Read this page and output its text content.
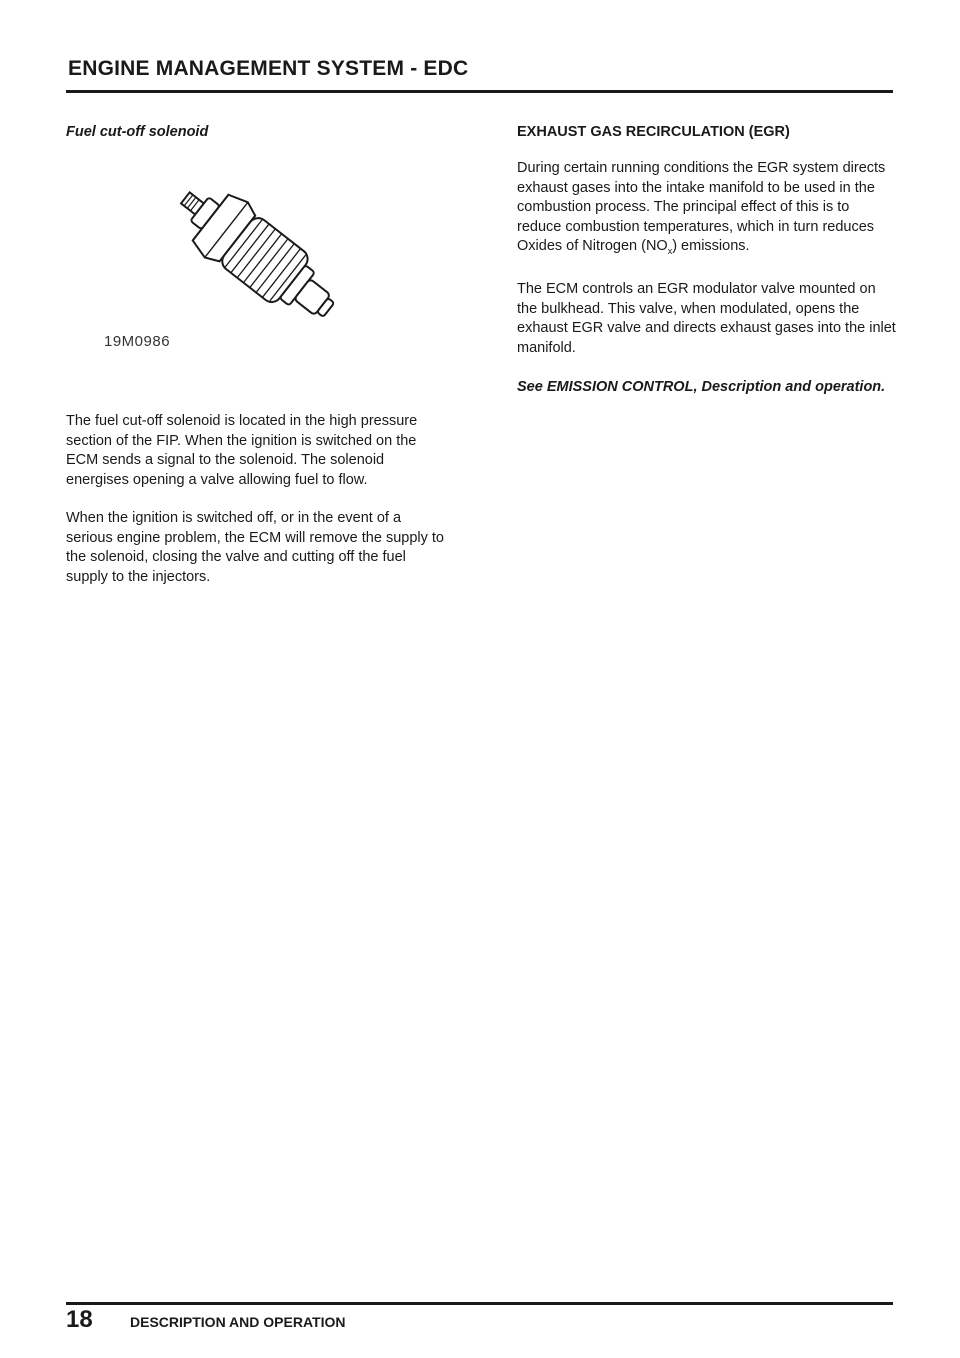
ENGINE MANAGEMENT SYSTEM - EDC
Fuel cut-off solenoid
19M0986

The fuel cut-off solenoid is located in the high pressure section of the FIP. When the ignition is switched on the ECM sends a signal to the solenoid. The solenoid energises opening a valve allowing fuel to flow.

When the ignition is switched off, or in the event of a serious engine problem, the ECM will remove the supply to the solenoid, closing the valve and cutting off the fuel supply to the injectors.

EXHAUST GAS RECIRCULATION (EGR)

During certain running conditions the EGR system directs exhaust gases into the intake manifold to be used in the combustion process. The principal effect of this is to reduce combustion temperatures, which in turn reduces Oxides of Nitrogen $(NO_x)$ emissions.

The ECM controls an EGR modulator valve mounted on the bulkhead. This valve, when modulated, opens the exhaust EGR valve and directs exhaust gases into the inlet manifold.

See EMISSION CONTROL, Description and operation.

18	DESCRIPTION AND OPERATION
